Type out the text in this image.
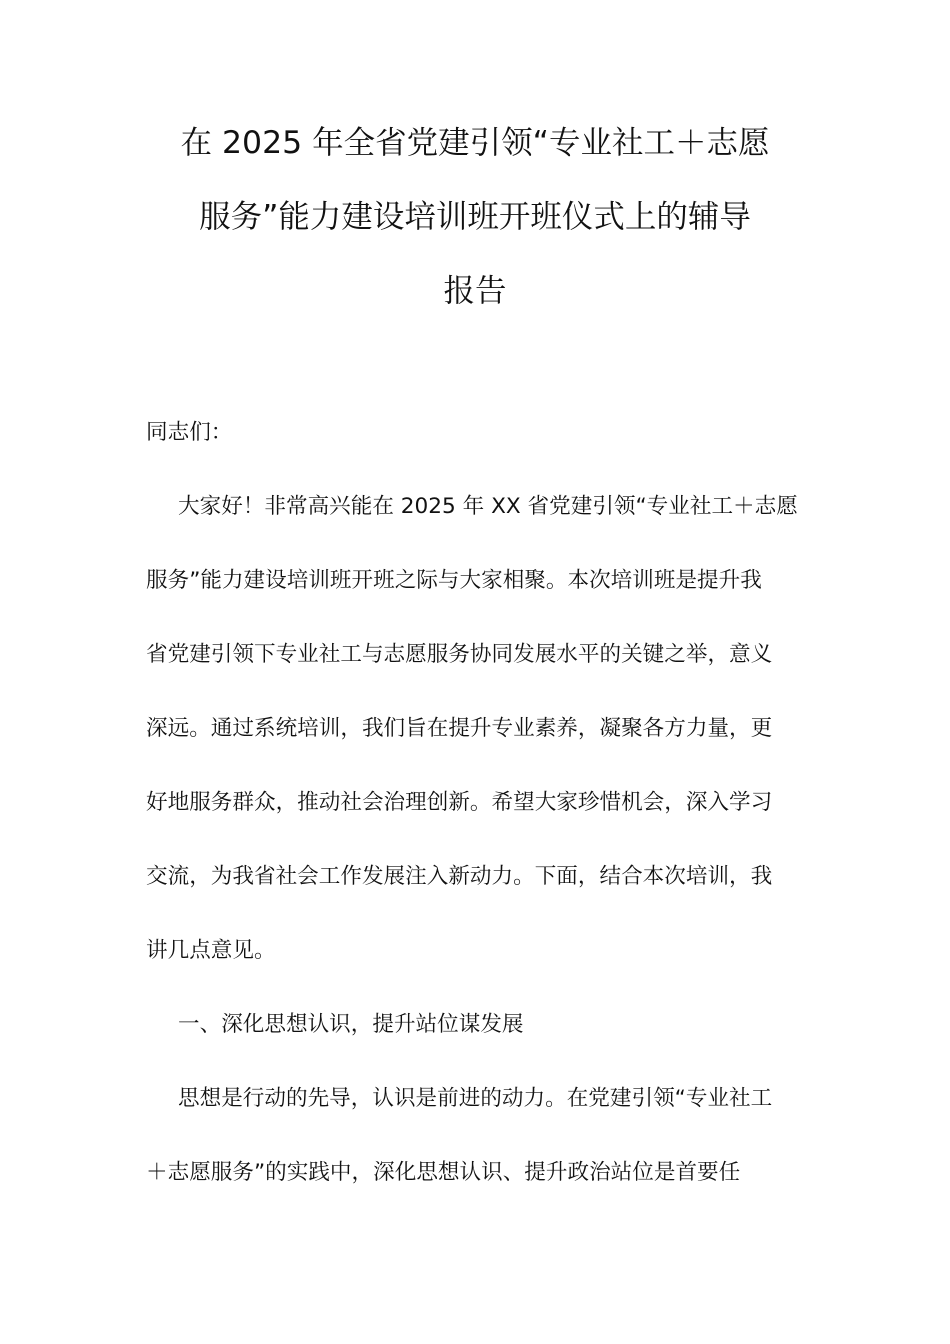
在 2025 年全省党建引领“专业社工＋志愿
服务”能力建设培训班开班仪式上的辅导
报告
同志们：
大家好！非常高兴能在 2025 年 XX 省党建引领“专业社工＋志愿
服务”能力建设培训班开班之际与大家相聚。本次培训班是提升我
省党建引领下专业社工与志愿服务协同发展水平的关键之举，意义
深远。通过系统培训，我们旨在提升专业素养，凝聚各方力量，更
好地服务群众，推动社会治理创新。希望大家珍惜机会，深入学习
交流，为我省社会工作发展注入新动力。下面，结合本次培训，我
讲几点意见。
一、深化思想认识，提升站位谋发展
思想是行动的先导，认识是前进的动力。在党建引领“专业社工
＋志愿服务”的实践中，深化思想认识、提升政治站位是首要任
